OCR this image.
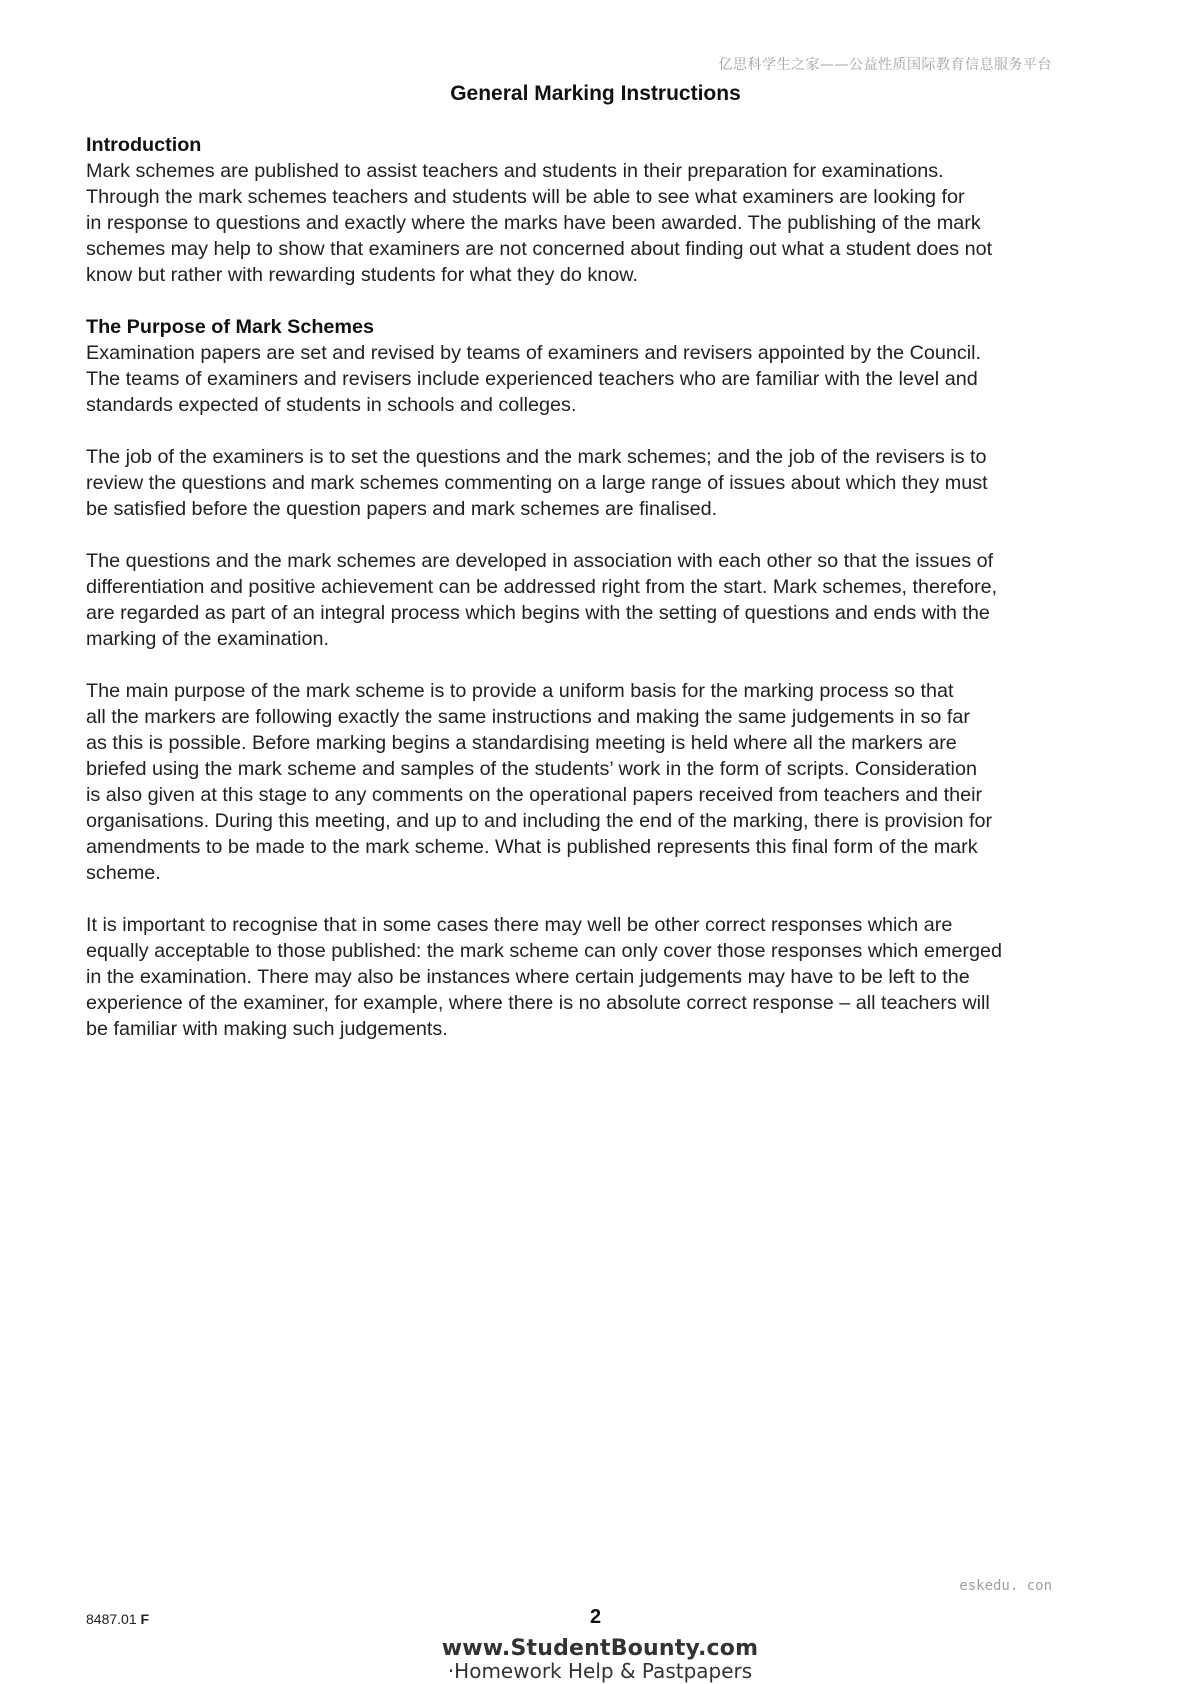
亿思科学生之家——公益性质国际教育信息服务平台
General Marking Instructions
Introduction

Mark schemes are published to assist teachers and students in their preparation for examinations.
Through the mark schemes teachers and students will be able to see what examiners are looking for
in response to questions and exactly where the marks have been awarded. The publishing of the mark
schemes may help to show that examiners are not concerned about finding out what a student does not
know but rather with rewarding students for what they do know.

The Purpose of Mark Schemes

Examination papers are set and revised by teams of examiners and revisers appointed by the Council.
The teams of examiners and revisers include experienced teachers who are familiar with the level and
standards expected of students in schools and colleges.

The job of the examiners is to set the questions and the mark schemes; and the job of the revisers is to
review the questions and mark schemes commenting on a large range of issues about which they must
be satisfied before the question papers and mark schemes are finalised.

The questions and the mark schemes are developed in association with each other so that the issues of
differentiation and positive achievement can be addressed right from the start. Mark schemes, therefore,
are regarded as part of an integral process which begins with the setting of questions and ends with the
marking of the examination.

The main purpose of the mark scheme is to provide a uniform basis for the marking process so that
all the markers are following exactly the same instructions and making the same judgements in so far
as this is possible. Before marking begins a standardising meeting is held where all the markers are
briefed using the mark scheme and samples of the students’ work in the form of scripts. Consideration
is also given at this stage to any comments on the operational papers received from teachers and their
organisations. During this meeting, and up to and including the end of the marking, there is provision for
amendments to be made to the mark scheme. What is published represents this final form of the mark
scheme.

It is important to recognise that in some cases there may well be other correct responses which are
equally acceptable to those published: the mark scheme can only cover those responses which emerged
in the examination. There may also be instances where certain judgements may have to be left to the
experience of the examiner, for example, where there is no absolute correct response – all teachers will
be familiar with making such judgements.

eskedu. con
8487.01 F	2
www.StudentBounty.com
·Homework Help & Pastpapers
